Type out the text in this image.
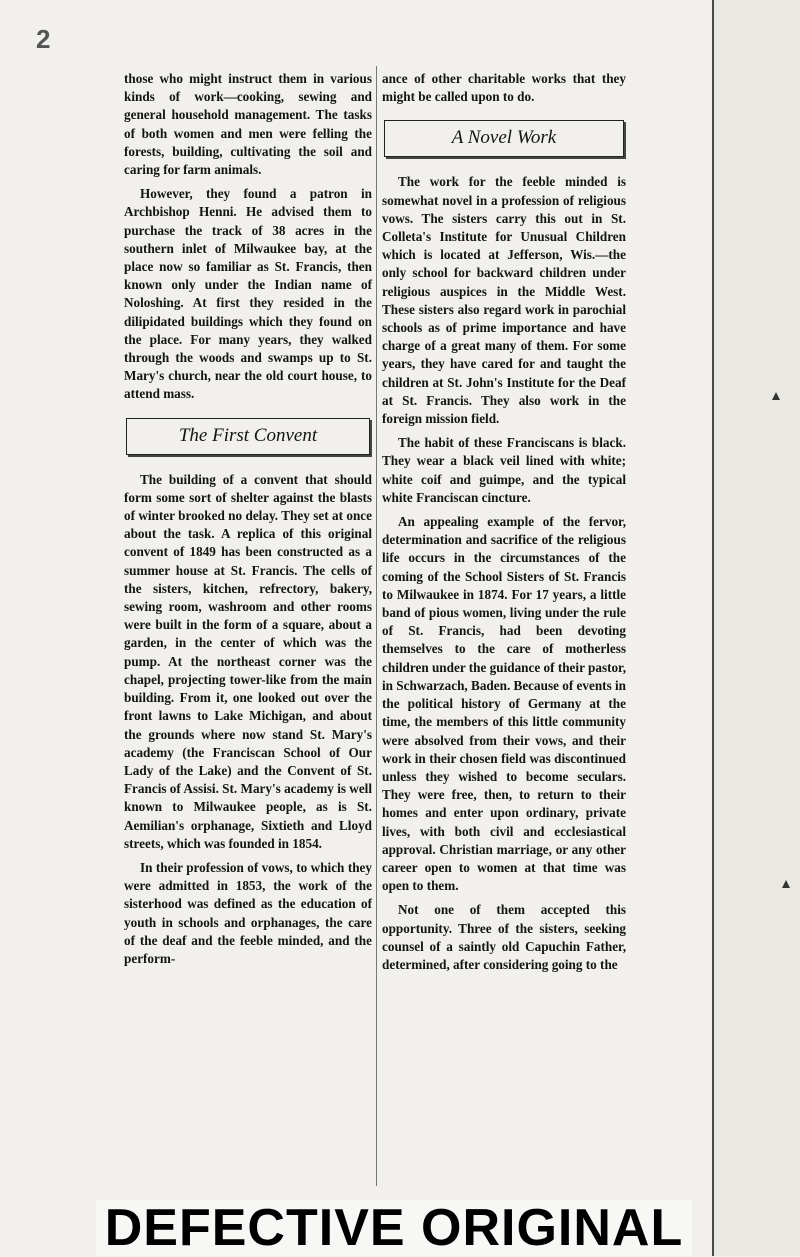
2

those who might instruct them in various kinds of work—cooking, sewing and general household management. The tasks of both women and men were felling the forests, building, cultivating the soil and caring for farm animals.

However, they found a patron in Archbishop Henni. He advised them to purchase the track of 38 acres in the southern inlet of Milwaukee bay, at the place now so familiar as St. Francis, then known only under the Indian name of Noloshing. At first they resided in the dilipidated buildings which they found on the place. For many years, they walked through the woods and swamps up to St. Mary's church, near the old court house, to attend mass.

The First Convent

The building of a convent that should form some sort of shelter against the blasts of winter brooked no delay. They set at once about the task. A replica of this original convent of 1849 has been constructed as a summer house at St. Francis. The cells of the sisters, kitchen, refrectory, bakery, sewing room, washroom and other rooms were built in the form of a square, about a garden, in the center of which was the pump. At the northeast corner was the chapel, projecting tower-like from the main building. From it, one looked out over the front lawns to Lake Michigan, and about the grounds where now stand St. Mary's academy (the Franciscan School of Our Lady of the Lake) and the Convent of St. Francis of Assisi. St. Mary's academy is well known to Milwaukee people, as is St. Aemilian's orphanage, Sixtieth and Lloyd streets, which was founded in 1854.

In their profession of vows, to which they were admitted in 1853, the work of the sisterhood was defined as the education of youth in schools and orphanages, the care of the deaf and the feeble minded, and the perform-

ance of other charitable works that they might be called upon to do.

A Novel Work

The work for the feeble minded is somewhat novel in a profession of religious vows. The sisters carry this out in St. Colleta's Institute for Unusual Children which is located at Jefferson, Wis.—the only school for backward children under religious auspices in the Middle West. These sisters also regard work in parochial schools as of prime importance and have charge of a great many of them. For some years, they have cared for and taught the children at St. John's Institute for the Deaf at St. Francis. They also work in the foreign mission field.

The habit of these Franciscans is black. They wear a black veil lined with white; white coif and guimpe, and the typical white Franciscan cincture.

An appealing example of the fervor, determination and sacrifice of the religious life occurs in the circumstances of the coming of the School Sisters of St. Francis to Milwaukee in 1874. For 17 years, a little band of pious women, living under the rule of St. Francis, had been devoting themselves to the care of motherless children under the guidance of their pastor, in Schwarzach, Baden. Because of events in the political history of Germany at the time, the members of this little community were absolved from their vows, and their work in their chosen field was discontinued unless they wished to become seculars. They were free, then, to return to their homes and enter upon ordinary, private lives, with both civil and ecclesiastical approval. Christian marriage, or any other career open to women at that time was open to them.

Not one of them accepted this opportunity. Three of the sisters, seeking counsel of a saintly old Capuchin Father, determined, after considering going to the

DEFECTIVE ORIGINAL
